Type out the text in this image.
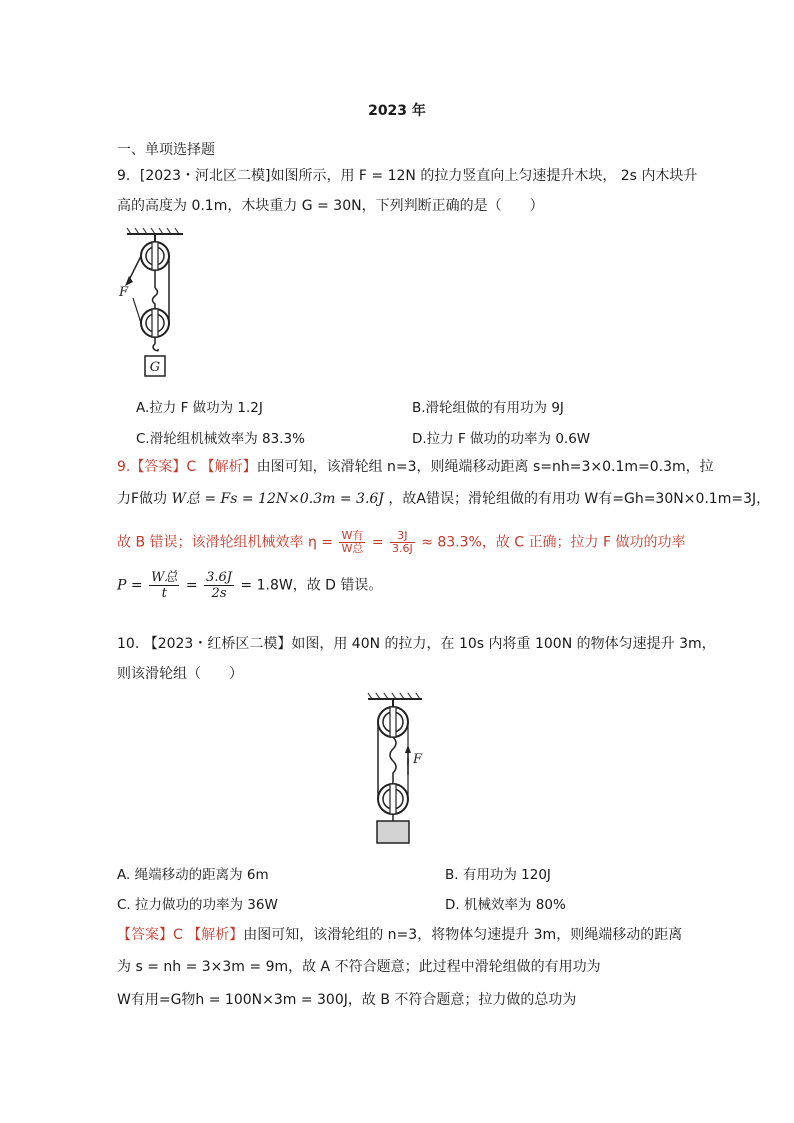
2023 年
一、单项选择题
9．[2023・河北区二模]如图所示，用 F = 12N 的拉力竖直向上匀速提升木块， 2s 内木块升
高的高度为 0.1m，木块重力 G = 30N，下列判断正确的是（　　）
G
F
A.拉力 F 做功为 1.2J	B.滑轮组做的有用功为 9J
C.滑轮组机械效率为 83.3%	D.拉力 F 做功的功率为 0.6W
9.【答案】C 【解析】由图可知，该滑轮组 n=3，则绳端移动距离 s=nh=3×0.1m=0.3m，拉
力F做功 W总 = Fs = 12N×0.3m = 3.6J ，故A错误；滑轮组做的有用功 W有=Gh=30N×0.1m=3J，
故 B 错误；该滑轮组机械效率 $\eta = \frac{\text{W有}}{\text{W总}} = \frac{3J}{3.6J} \approx 83.3\%$，故 C 正确；拉力 F 做功的功率
$P = \frac{\text{W总}}{t} = \frac{3.6J}{2s} = 1.8W$，故 D 错误。
10. 【2023・红桥区二模】如图，用 40N 的拉力，在 10s 内将重 100N 的物体匀速提升 3m，
则该滑轮组（　　）
F
A. 绳端移动的距离为 6m	B. 有用功为 120J
C. 拉力做功的功率为 36W	D. 机械效率为 80%
【答案】C 【解析】由图可知，该滑轮组的 n=3，将物体匀速提升 3m，则绳端移动的距离
为 s = nh = 3×3m = 9m，故 A 不符合题意；此过程中滑轮组做的有用功为
W有用=G物h = 100N×3m = 300J，故 B 不符合题意；拉力做的总功为
